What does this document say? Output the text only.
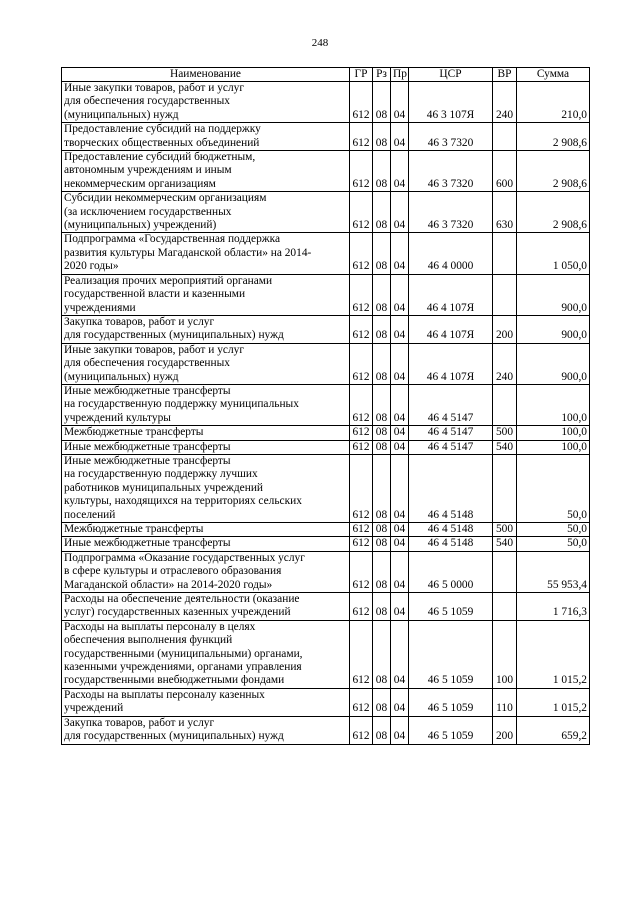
248
Наименование	ГР	Рз	Пр	ЦСР	ВР	Сумма

Иные закупки товаров, работ и услуг
для обеспечения государственных
(муниципальных) нужд	612	08	04	46 3 107Я	240	210,0

Предоставление субсидий на поддержку
творческих общественных объединений	612	08	04	46 3 7320		2 908,6

Предоставление субсидий бюджетным,
автономным учреждениям и иным
некоммерческим организациям	612	08	04	46 3 7320	600	2 908,6

Субсидии некоммерческим организациям
(за исключением государственных
(муниципальных) учреждений)	612	08	04	46 3 7320	630	2 908,6

Подпрограмма «Государственная поддержка
развития культуры Магаданской области» на 2014-
2020 годы»	612	08	04	46 4 0000		1 050,0

Реализация прочих мероприятий органами
государственной власти и казенными
учреждениями	612	08	04	46 4 107Я		900,0

Закупка товаров, работ и услуг
для государственных (муниципальных) нужд	612	08	04	46 4 107Я	200	900,0

Иные закупки товаров, работ и услуг
для обеспечения государственных
(муниципальных) нужд	612	08	04	46 4 107Я	240	900,0

Иные межбюджетные трансферты
на государственную поддержку муниципальных
учреждений культуры	612	08	04	46 4 5147		100,0

Межбюджетные трансферты	612	08	04	46 4 5147	500	100,0

Иные межбюджетные трансферты	612	08	04	46 4 5147	540	100,0

Иные межбюджетные трансферты
на государственную поддержку лучших
работников муниципальных учреждений
культуры, находящихся на территориях сельских
поселений	612	08	04	46 4 5148		50,0

Межбюджетные трансферты	612	08	04	46 4 5148	500	50,0

Иные межбюджетные трансферты	612	08	04	46 4 5148	540	50,0

Подпрограмма «Оказание государственных услуг
в сфере культуры и отраслевого образования
Магаданской области» на 2014-2020 годы»	612	08	04	46 5 0000		55 953,4

Расходы на обеспечение деятельности (оказание
услуг) государственных казенных учреждений	612	08	04	46 5 1059		1 716,3

Расходы на выплаты персоналу в целях
обеспечения выполнения функций
государственными (муниципальными) органами,
казенными учреждениями, органами управления
государственными внебюджетными фондами	612	08	04	46 5 1059	100	1 015,2

Расходы на выплаты персоналу казенных
учреждений	612	08	04	46 5 1059	110	1 015,2

Закупка товаров, работ и услуг
для государственных (муниципальных) нужд	612	08	04	46 5 1059	200	659,2
